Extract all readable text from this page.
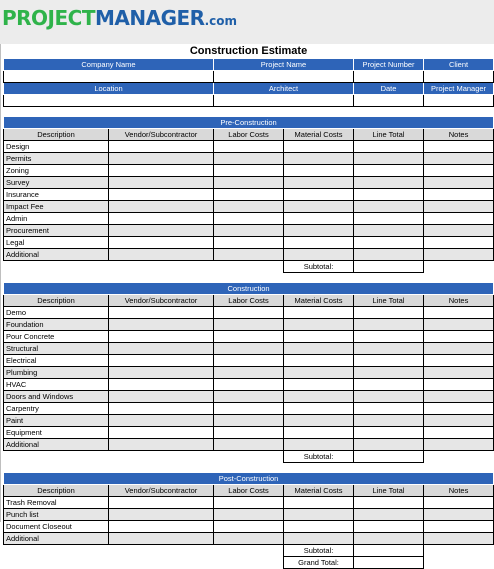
PROJECTMANAGER.com
Construction Estimate					
Company Name		Project Name		Project Number	Client

Location		Architect		Date	Project Manager

Pre-Construction					
Description	Vendor/Subcontractor	Labor Costs	Material Costs	Line Total	Notes
Design					
Permits					
Zoning					
Survey					
Insurance					
Impact Fee					
Admin					
Procurement					
Legal					
Additional					
			Subtotal:		

Construction					
Description	Vendor/Subcontractor	Labor Costs	Material Costs	Line Total	Notes
Demo					
Foundation					
Pour Concrete					
Structural					
Electrical					
Plumbing					
HVAC					
Doors and Windows					
Carpentry					
Paint					
Equipment					
Additional					
			Subtotal:		

Post-Construction					
Description	Vendor/Subcontractor	Labor Costs	Material Costs	Line Total	Notes
Trash Removal					
Punch list					
Document Closeout					
Additional					
			Subtotal:		
			Grand Total:		
